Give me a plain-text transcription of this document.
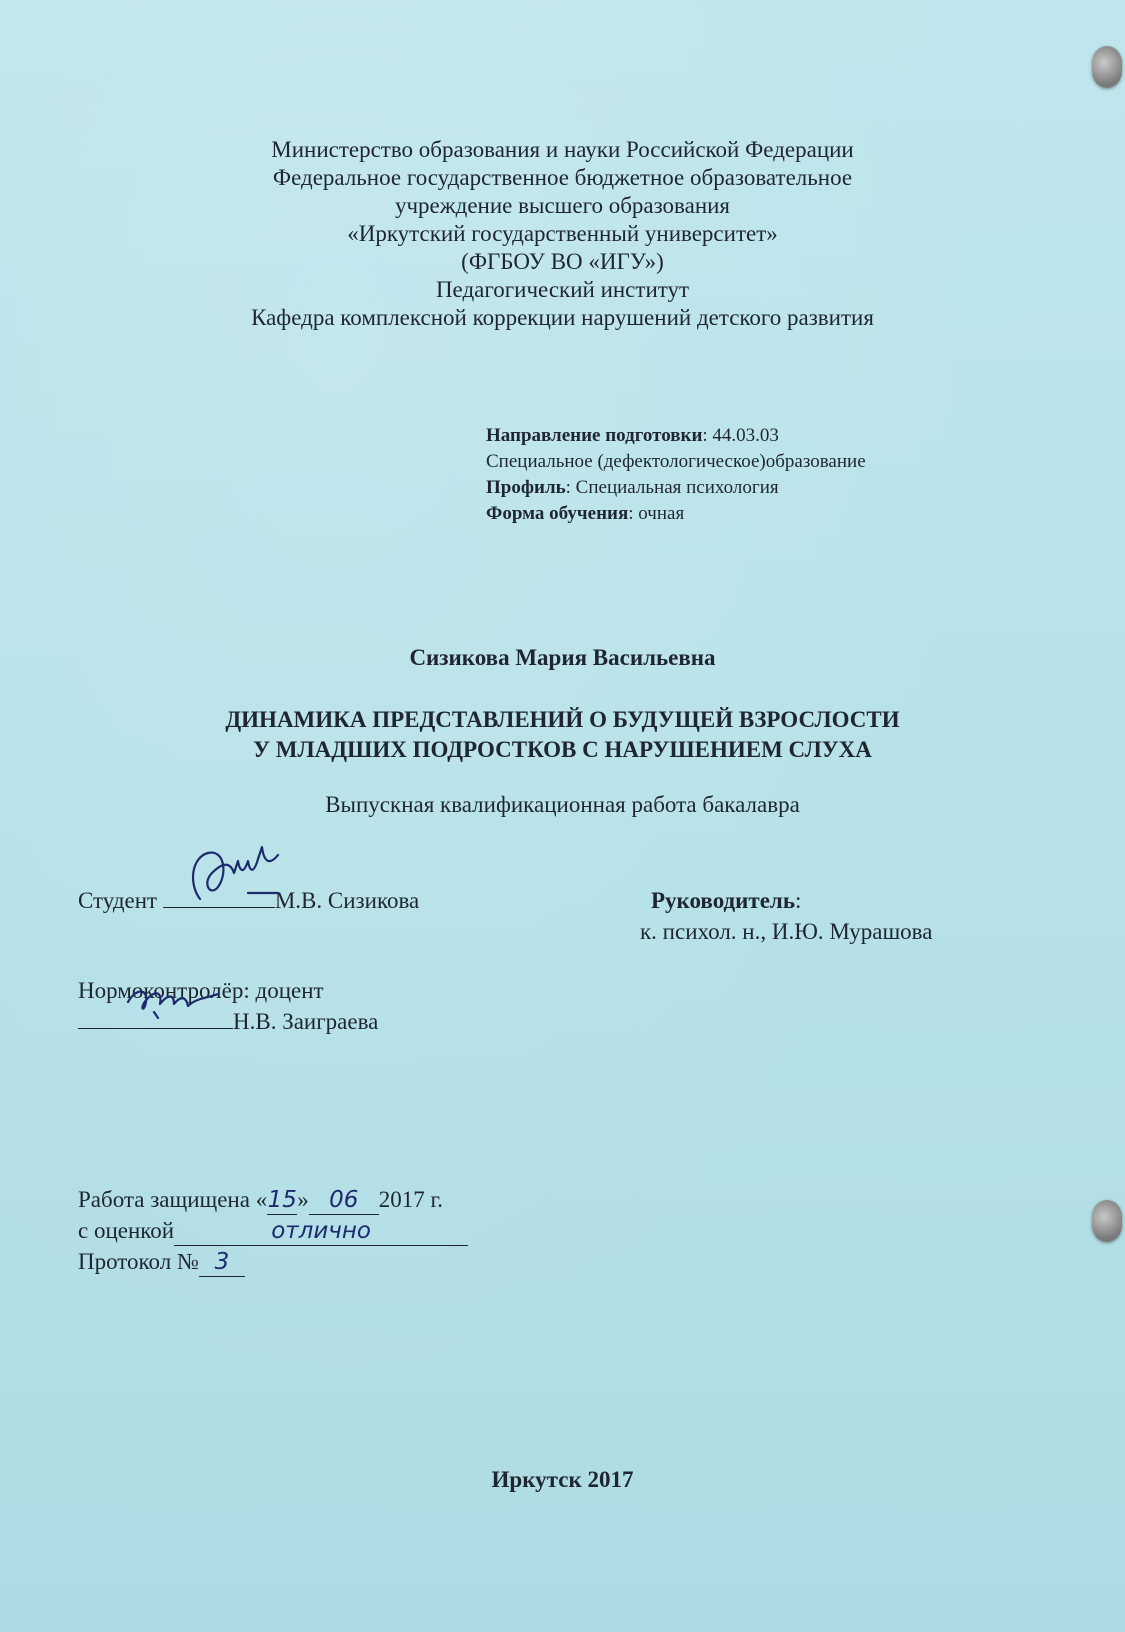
Министерство образования и науки Российской Федерации
Федеральное государственное бюджетное образовательное
учреждение высшего образования
«Иркутский государственный университет»
(ФГБОУ ВО «ИГУ»)
Педагогический институт
Кафедра комплексной коррекции нарушений детского развития
Направление подготовки: 44.03.03
Специальное (дефектологическое)образование
Профиль: Специальная психология
Форма обучения: очная
Сизикова Мария Васильевна
ДИНАМИКА ПРЕДСТАВЛЕНИЙ О БУДУЩЕЙ ВЗРОСЛОСТИ
У МЛАДШИХ ПОДРОСТКОВ С НАРУШЕНИЕМ СЛУХА
Выпускная квалификационная работа бакалавра
Студент	М.В. Сизикова	Руководитель:
к. психол. н., И.Ю. Мурашова
Нормоконтролёр: доцент
Н.В. Заиграева
Работа защищена «15» 06 2017 г.
с оценкой	отлично
Протокол № 3
Иркутск 2017
